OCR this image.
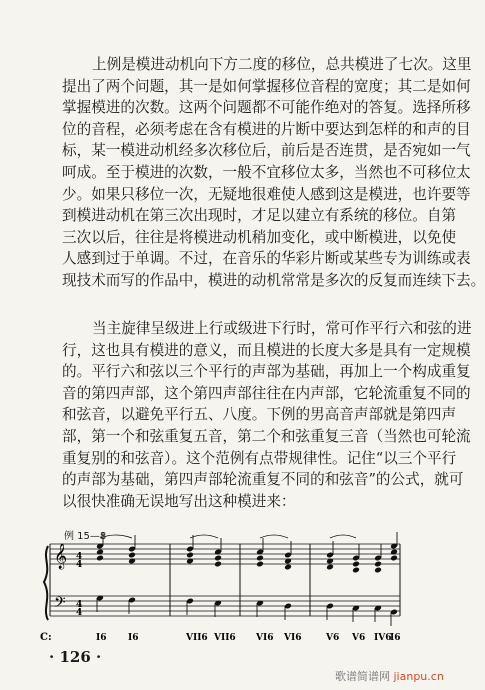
上例是模进动机向下方二度的移位，总共模进了七次。这里
提出了两个问题，其一是如何掌握移位音程的宽度；其二是如何
掌握模进的次数。这两个问题都不可能作绝对的答复。选择所移
位的音程，必须考虑在含有模进的片断中要达到怎样的和声的目
标，某一模进动机经多次移位后，前后是否连贯，是否宛如一气
呵成。至于模进的次数，一般不宜移位太多，当然也不可移位太
少。如果只移位一次，无疑地很难使人感到这是模进，也许要等
到模进动机在第三次出现时，才足以建立有系统的移位。自第
三次以后，往往是将模进动机稍加变化，或中断模进，以免使
人感到过于单调。不过，在音乐的华彩片断或某些专为训练或表
现技术而写的作品中，模进的动机常常是多次的反复而连续下去。
当主旋律呈级进上行或级进下行时，常可作平行六和弦的进
行，这也具有模进的意义，而且模进的长度大多是具有一定规模
的。平行六和弦以三个平行的声部为基础，再加上一个构成重复
音的第四声部，这个第四声部往往在内声部，它轮流重复不同的
和弦音，以避免平行五、八度。下例的男高音声部就是第四声
部，第一个和弦重复五音，第二个和弦重复三音（当然也可轮流
重复别的和弦音）。这个范例有点带规律性。记住“以三个平行
的声部为基础，第四声部轮流重复不同的和弦音”的公式，就可
以很快准确无误地写出这种模进来：
例 15—8
𝄞
𝄢
4
4
4
4
I6 I6	VII6 VII6 VI6 VI6	V6 V6 IV6
I6
C:
· 126 ·
歌谱简谱网 jianpu.cn
